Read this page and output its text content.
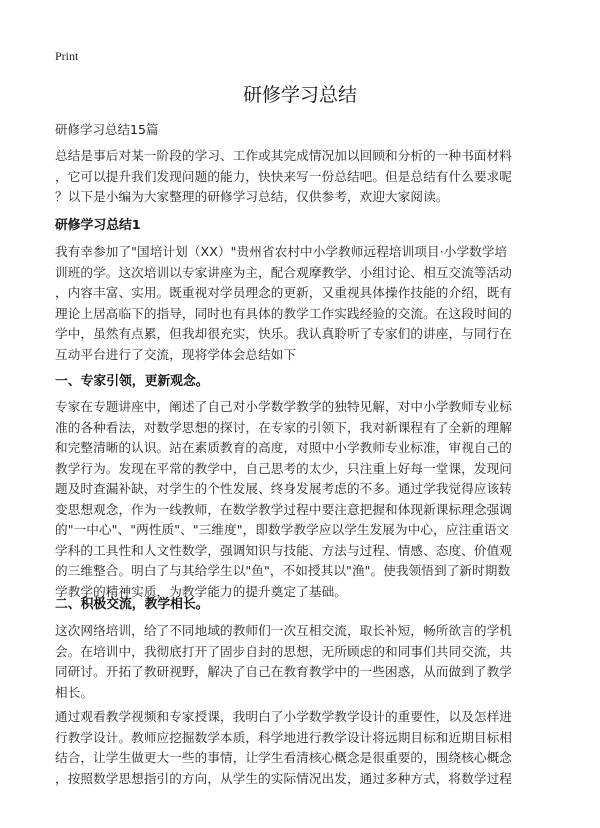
Print
研修学习总结
研修学习总结15篇
总结是事后对某一阶段的学习、工作或其完成情况加以回顾和分析的一种书面材料
，它可以提升我们发现问题的能力，快快来写一份总结吧。但是总结有什么要求呢
？以下是小编为大家整理的研修学习总结，仅供参考，欢迎大家阅读。
研修学习总结1
我有幸参加了"国培计划（XX）"贵州省农村中小学教师远程培训项目·小学数学培
训班的学。这次培训以专家讲座为主，配合观摩教学、小组讨论、相互交流等活动
，内容丰富、实用。既重视对学员理念的更新，又重视具体操作技能的介绍，既有
理论上居高临下的指导，同时也有具体的教学工作实践经验的交流。在这段时间的
学中，虽然有点累，但我却很充实，快乐。我认真聆听了专家们的讲座，与同行在
互动平台进行了交流，现将学体会总结如下
一、专家引领，更新观念。
专家在专题讲座中，阐述了自己对小学数学教学的独特见解，对中小学教师专业标
准的各种看法，对数学思想的探讨，在专家的引领下，我对新课程有了全新的理解
和完整清晰的认识。站在素质教育的高度，对照中小学教师专业标准，审视自己的
教学行为。发现在平常的教学中，自己思考的太少，只注重上好每一堂课，发现问
题及时查漏补缺，对学生的个性发展、终身发展考虑的不多。通过学我觉得应该转
变思想观念，作为一线教师，在数学教学过程中要注意把握和体现新课标理念强调
的"一中心"、"两性质"、"三维度"，即数学教学应以学生发展为中心，应注重语文
学科的工具性和人文性数学，强调知识与技能、方法与过程、情感、态度、价值观
的三维整合。明白了与其给学生以"鱼"，不如授其以"渔"。使我领悟到了新时期数
学教学的精神实质，为教学能力的提升奠定了基础。
二、积极交流，教学相长。
这次网络培训，给了不同地域的教师们一次互相交流，取长补短，畅所欲言的学机
会。在培训中，我彻底打开了固步自封的思想，无所顾虑的和同事们共同交流，共
同研讨。开拓了教研视野，解决了自己在教育教学中的一些困惑，从而做到了教学
相长。
通过观看教学视频和专家授课，我明白了小学数学教学设计的重要性，以及怎样进
行教学设计。教师应挖掘数学本质，科学地进行教学设计将远期目标和近期目标相
结合，让学生做更大一些的事情，让学生看清核心概念是很重要的，围绕核心概念
，按照数学思想指引的方向，从学生的实际情况出发，通过多种方式，将数学过程
